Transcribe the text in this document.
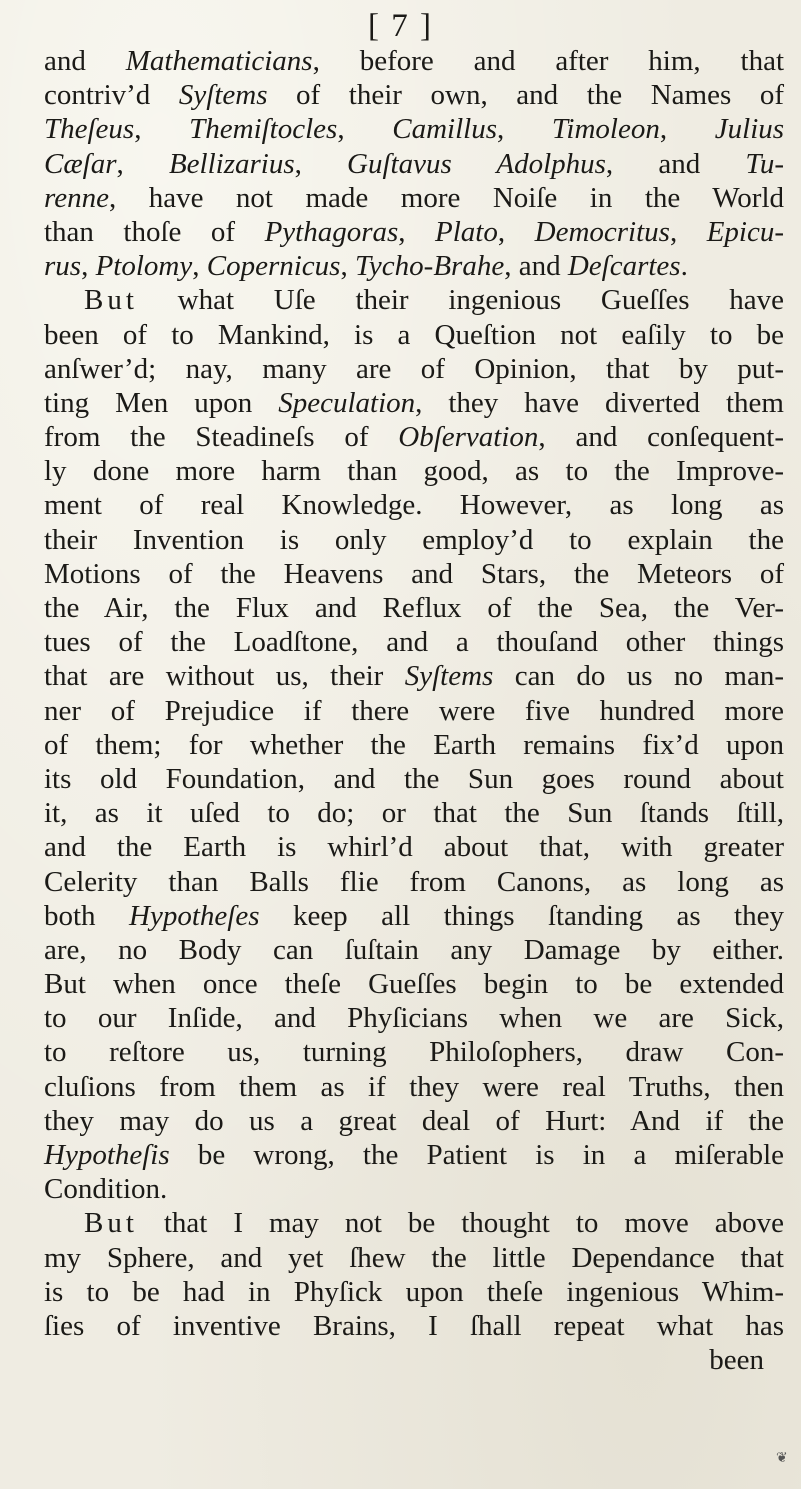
[ 7 ]
and Mathematicians, before and after him, that
contriv’d Syſtems of their own, and the Names of
Theſeus, Themiſtocles, Camillus, Timoleon, Julius
Cæſar, Bellizarius, Guſtavus Adolphus, and Tu-
renne, have not made more Noiſe in the World
than thoſe of Pythagoras, Plato, Democritus, Epicu-
rus, Ptolomy, Copernicus, Tycho-Brahe, and Deſcartes.
But what Uſe their ingenious Gueſſes have
been of to Mankind, is a Queſtion not eaſily to be
anſwer’d; nay, many are of Opinion, that by put-
ting Men upon Speculation, they have diverted them
from the Steadineſs of Obſervation, and conſequent-
ly done more harm than good, as to the Improve-
ment of real Knowledge. However, as long as
their Invention is only employ’d to explain the
Motions of the Heavens and Stars, the Meteors of
the Air, the Flux and Reflux of the Sea, the Ver-
tues of the Loadſtone, and a thouſand other things
that are without us, their Syſtems can do us no man-
ner of Prejudice if there were five hundred more
of them; for whether the Earth remains fix’d upon
its old Foundation, and the Sun goes round about
it, as it uſed to do; or that the Sun ſtands ſtill,
and the Earth is whirl’d about that, with greater
Celerity than Balls flie from Canons, as long as
both Hypotheſes keep all things ſtanding as they
are, no Body can ſuſtain any Damage by either.
But when once theſe Gueſſes begin to be extended
to our Inſide, and Phyſicians when we are Sick,
to reſtore us, turning Philoſophers, draw Con-
cluſions from them as if they were real Truths, then
they may do us a great deal of Hurt: And if the
Hypotheſis be wrong, the Patient is in a miſerable
Condition.
But that I may not be thought to move above
my Sphere, and yet ſhew the little Dependance that
is to be had in Phyſick upon theſe ingenious Whim-
ſies of inventive Brains, I ſhall repeat what has
been
❦
